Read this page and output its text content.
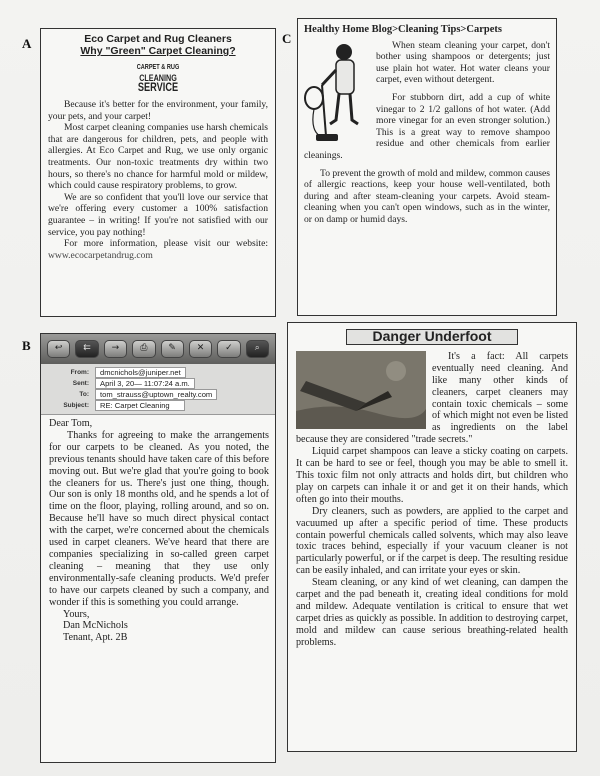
A	C
B
Eco Carpet and Rug Cleaners
Why "Green" Carpet Cleaning?
CARPET & RUG
CLEANING
SERVICE

Because it's better for the environment, your family, your pets, and your carpet!

Most carpet cleaning companies use harsh chemicals that are dangerous for children, pets, and people with allergies. At Eco Carpet and Rug, we use only organic treatments. Our non-toxic treatments dry within two hours, so there's no chance for harmful mold or mildew, which could cause respiratory problems, to grow.

We are so confident that you'll love our service that we're offering every customer a 100% satisfaction guarantee – in writing! If you're not satisfied with our service, you pay nothing!

For more information, please visit our website: www.ecocarpetandrug.com

Healthy Home Blog>Cleaning Tips>Carpets

When steam cleaning your carpet, don't bother using shampoos or detergents; just use plain hot water. Hot water cleans your carpet, even without detergent.

For stubborn dirt, add a cup of white vinegar to 2 1/2 gallons of hot water. (Add more vinegar for an even stronger solution.) This is a great way to remove shampoo residue and other chemicals from earlier cleanings.

To prevent the growth of mold and mildew, common causes of allergic reactions, keep your house well-ventilated, both during and after steam-cleaning your carpets. Avoid steam-cleaning when you can't open windows, such as in the winter, or on damp or humid days.

↩	⇇	→	⎙	✎	✕	✓	⌕
From:	dmcnichols@juniper.net
Sent:	April 3, 20— 11:07:24 a.m.
To:	tom_strauss@uptown_realty.com
Subject:	RE: Carpet Cleaning
Dear Tom,

Thanks for agreeing to make the arrangements for our carpets to be cleaned. As you noted, the previous tenants should have taken care of this before moving out. But we're glad that you're going to book the cleaners for us. There's just one thing, though. Our son is only 18 months old, and he spends a lot of time on the floor, playing, rolling around, and so on. Because he'll have so much direct physical contact with the carpet, we're concerned about the chemicals used in carpet cleaners. We've heard that there are companies specializing in so-called green carpet cleaning – meaning that they use only environmentally-safe cleaning products. We'd prefer to have our carpets cleaned by such a company, and wonder if this is something you could arrange.

Yours,
Dan McNichols
Tenant, Apt. 2B
Danger Underfoot

It's a fact: All carpets eventually need cleaning. And like many other kinds of cleaners, carpet cleaners may contain toxic chemicals – some of which might not even be listed as ingredients on the label because they are considered "trade secrets."

Liquid carpet shampoos can leave a sticky coating on carpets. It can be hard to see or feel, though you may be able to smell it. This toxic film not only attracts and holds dirt, but children who play on carpets can inhale it or and get it on their hands, which often go into their mouths.

Dry cleaners, such as powders, are applied to the carpet and vacuumed up after a specific period of time. These products contain powerful chemicals called solvents, which may also leave toxic traces behind, especially if your vacuum cleaner is not particularly powerful, or if the carpet is deep. The resulting residue can be easily inhaled, and can irritate your eyes or skin.

Steam cleaning, or any kind of wet cleaning, can dampen the carpet and the pad beneath it, creating ideal conditions for mold and mildew. Adequate ventilation is critical to ensure that wet carpet dries as quickly as possible. In addition to destroying carpet, mold and mildew can cause serious breathing-related health problems.
